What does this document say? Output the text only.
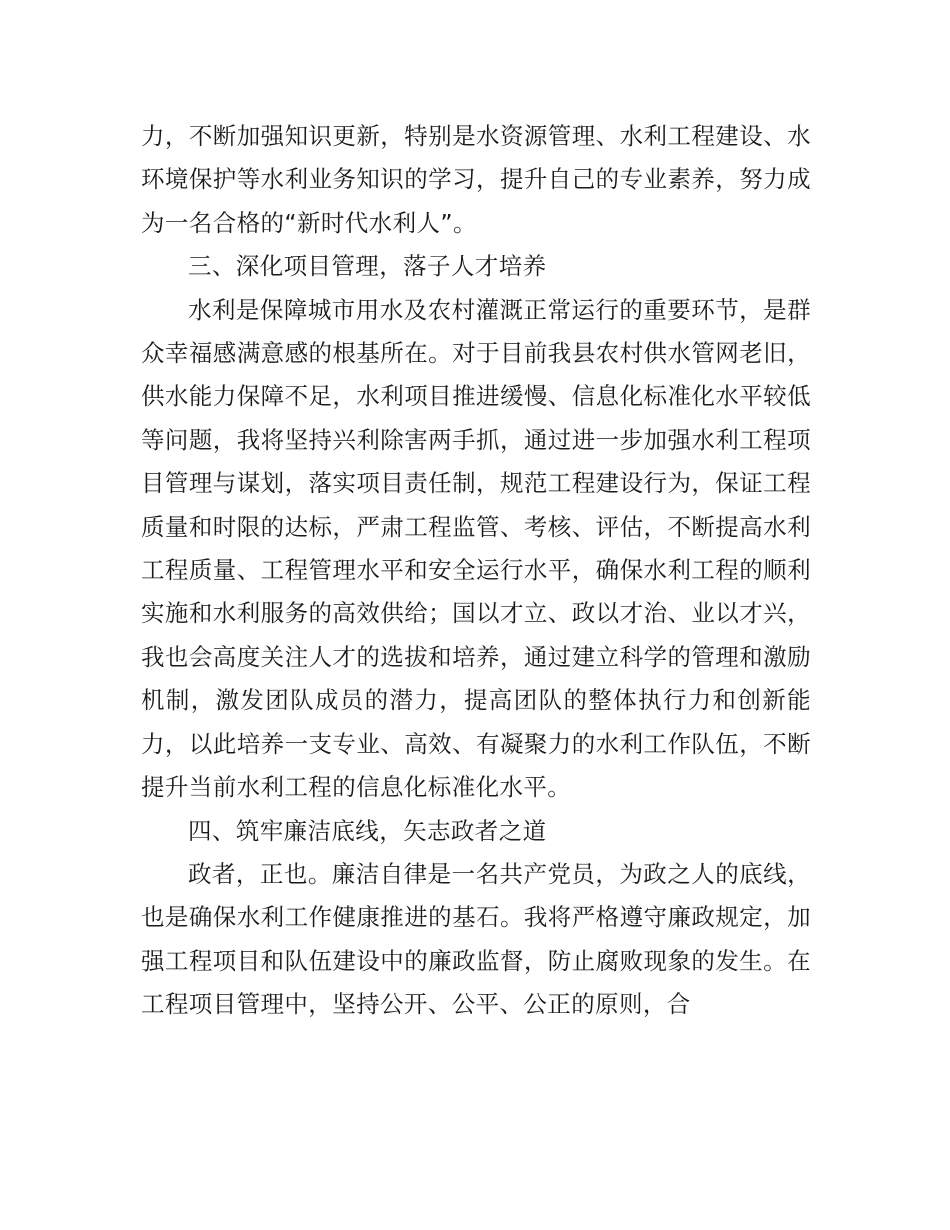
力，不断加强知识更新，特别是水资源管理、水利工程建设、水环境保护等水利业务知识的学习，提升自己的专业素养，努力成为一名合格的“新时代水利人”。

三、深化项目管理，落子人才培养

水利是保障城市用水及农村灌溉正常运行的重要环节，是群众幸福感满意感的根基所在。对于目前我县农村供水管网老旧，供水能力保障不足，水利项目推进缓慢、信息化标准化水平较低等问题，我将坚持兴利除害两手抓，通过进一步加强水利工程项目管理与谋划，落实项目责任制，规范工程建设行为，保证工程质量和时限的达标，严肃工程监管、考核、评估，不断提高水利工程质量、工程管理水平和安全运行水平，确保水利工程的顺利实施和水利服务的高效供给；国以才立、政以才治、业以才兴，我也会高度关注人才的选拔和培养，通过建立科学的管理和激励机制，激发团队成员的潜力，提高团队的整体执行力和创新能力，以此培养一支专业、高效、有凝聚力的水利工作队伍，不断提升当前水利工程的信息化标准化水平。

四、筑牢廉洁底线，矢志政者之道

政者，正也。廉洁自律是一名共产党员，为政之人的底线，也是确保水利工作健康推进的基石。我将严格遵守廉政规定，加强工程项目和队伍建设中的廉政监督，防止腐败现象的发生。在工程项目管理中，坚持公开、公平、公正的原则，合
